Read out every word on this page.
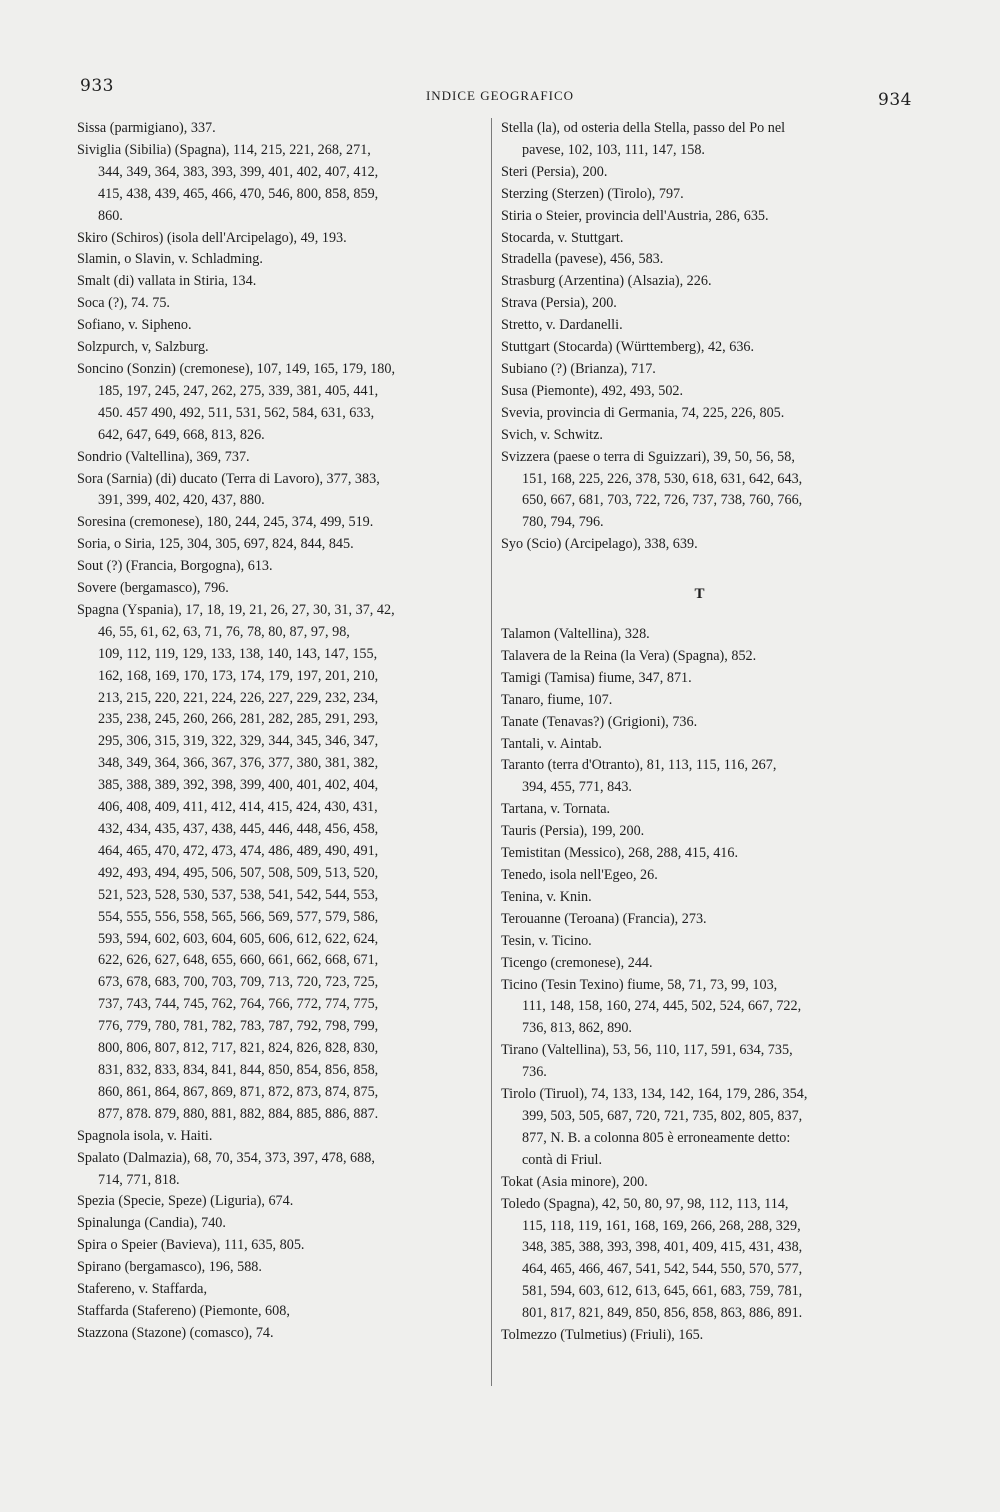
933	INDICE GEOGRAFICO	934
Sissa (parmigiano), 337.
Siviglia (Sibilia) (Spagna), 114, 215, 221, 268, 271,
344, 349, 364, 383, 393, 399, 401, 402, 407, 412,
415, 438, 439, 465, 466, 470, 546, 800, 858, 859,
860.
Skiro (Schiros) (isola dell'Arcipelago), 49, 193.
Slamin, o Slavin, v. Schladming.
Smalt (di) vallata in Stiria, 134.
Soca (?), 74. 75.
Sofiano, v. Sipheno.
Solzpurch, v, Salzburg.
Soncino (Sonzin) (cremonese), 107, 149, 165, 179, 180,
185, 197, 245, 247, 262, 275, 339, 381, 405, 441,
450. 457 490, 492, 511, 531, 562, 584, 631, 633,
642, 647, 649, 668, 813, 826.
Sondrio (Valtellina), 369, 737.
Sora (Sarnia) (di) ducato (Terra di Lavoro), 377, 383,
391, 399, 402, 420, 437, 880.
Soresina (cremonese), 180, 244, 245, 374, 499, 519.
Soria, o Siria, 125, 304, 305, 697, 824, 844, 845.
Sout (?) (Francia, Borgogna), 613.
Sovere (bergamasco), 796.
Spagna (Yspania), 17, 18, 19, 21, 26, 27, 30, 31, 37, 42,
46, 55, 61, 62, 63, 71, 76, 78, 80, 87, 97, 98,
109, 112, 119, 129, 133, 138, 140, 143, 147, 155,
162, 168, 169, 170, 173, 174, 179, 197, 201, 210,
213, 215, 220, 221, 224, 226, 227, 229, 232, 234,
235, 238, 245, 260, 266, 281, 282, 285, 291, 293,
295, 306, 315, 319, 322, 329, 344, 345, 346, 347,
348, 349, 364, 366, 367, 376, 377, 380, 381, 382,
385, 388, 389, 392, 398, 399, 400, 401, 402, 404,
406, 408, 409, 411, 412, 414, 415, 424, 430, 431,
432, 434, 435, 437, 438, 445, 446, 448, 456, 458,
464, 465, 470, 472, 473, 474, 486, 489, 490, 491,
492, 493, 494, 495, 506, 507, 508, 509, 513, 520,
521, 523, 528, 530, 537, 538, 541, 542, 544, 553,
554, 555, 556, 558, 565, 566, 569, 577, 579, 586,
593, 594, 602, 603, 604, 605, 606, 612, 622, 624,
622, 626, 627, 648, 655, 660, 661, 662, 668, 671,
673, 678, 683, 700, 703, 709, 713, 720, 723, 725,
737, 743, 744, 745, 762, 764, 766, 772, 774, 775,
776, 779, 780, 781, 782, 783, 787, 792, 798, 799,
800, 806, 807, 812, 717, 821, 824, 826, 828, 830,
831, 832, 833, 834, 841, 844, 850, 854, 856, 858,
860, 861, 864, 867, 869, 871, 872, 873, 874, 875,
877, 878. 879, 880, 881, 882, 884, 885, 886, 887.
Spagnola isola, v. Haiti.
Spalato (Dalmazia), 68, 70, 354, 373, 397, 478, 688,
714, 771, 818.
Spezia (Specie, Speze) (Liguria), 674.
Spinalunga (Candia), 740.
Spira o Speier (Bavieva), 111, 635, 805.
Spirano (bergamasco), 196, 588.
Stafereno, v. Staffarda,
Staffarda (Stafereno) (Piemonte, 608,
Stazzona (Stazone) (comasco), 74.
Stella (la), od osteria della Stella, passo del Po nel
pavese, 102, 103, 111, 147, 158.
Steri (Persia), 200.
Sterzing (Sterzen) (Tirolo), 797.
Stiria o Steier, provincia dell'Austria, 286, 635.
Stocarda, v. Stuttgart.
Stradella (pavese), 456, 583.
Strasburg (Arzentina) (Alsazia), 226.
Strava (Persia), 200.
Stretto, v. Dardanelli.
Stuttgart (Stocarda) (Württemberg), 42, 636.
Subiano (?) (Brianza), 717.
Susa (Piemonte), 492, 493, 502.
Svevia, provincia di Germania, 74, 225, 226, 805.
Svich, v. Schwitz.
Svizzera (paese o terra di Sguizzari), 39, 50, 56, 58,
151, 168, 225, 226, 378, 530, 618, 631, 642, 643,
650, 667, 681, 703, 722, 726, 737, 738, 760, 766,
780, 794, 796.
Syo (Scio) (Arcipelago), 338, 639.
T
Talamon (Valtellina), 328.
Talavera de la Reina (la Vera) (Spagna), 852.
Tamigi (Tamisa) fiume, 347, 871.
Tanaro, fiume, 107.
Tanate (Tenavas?) (Grigioni), 736.
Tantali, v. Aintab.
Taranto (terra d'Otranto), 81, 113, 115, 116, 267,
394, 455, 771, 843.
Tartana, v. Tornata.
Tauris (Persia), 199, 200.
Temistitan (Messico), 268, 288, 415, 416.
Tenedo, isola nell'Egeo, 26.
Tenina, v. Knin.
Terouanne (Teroana) (Francia), 273.
Tesin, v. Ticino.
Ticengo (cremonese), 244.
Ticino (Tesin Texino) fiume, 58, 71, 73, 99, 103,
111, 148, 158, 160, 274, 445, 502, 524, 667, 722,
736, 813, 862, 890.
Tirano (Valtellina), 53, 56, 110, 117, 591, 634, 735,
736.
Tirolo (Tiruol), 74, 133, 134, 142, 164, 179, 286, 354,
399, 503, 505, 687, 720, 721, 735, 802, 805, 837,
877, N. B. a colonna 805 è erroneamente detto:
contà di Friul.
Tokat (Asia minore), 200.
Toledo (Spagna), 42, 50, 80, 97, 98, 112, 113, 114,
115, 118, 119, 161, 168, 169, 266, 268, 288, 329,
348, 385, 388, 393, 398, 401, 409, 415, 431, 438,
464, 465, 466, 467, 541, 542, 544, 550, 570, 577,
581, 594, 603, 612, 613, 645, 661, 683, 759, 781,
801, 817, 821, 849, 850, 856, 858, 863, 886, 891.
Tolmezzo (Tulmetius) (Friuli), 165.
